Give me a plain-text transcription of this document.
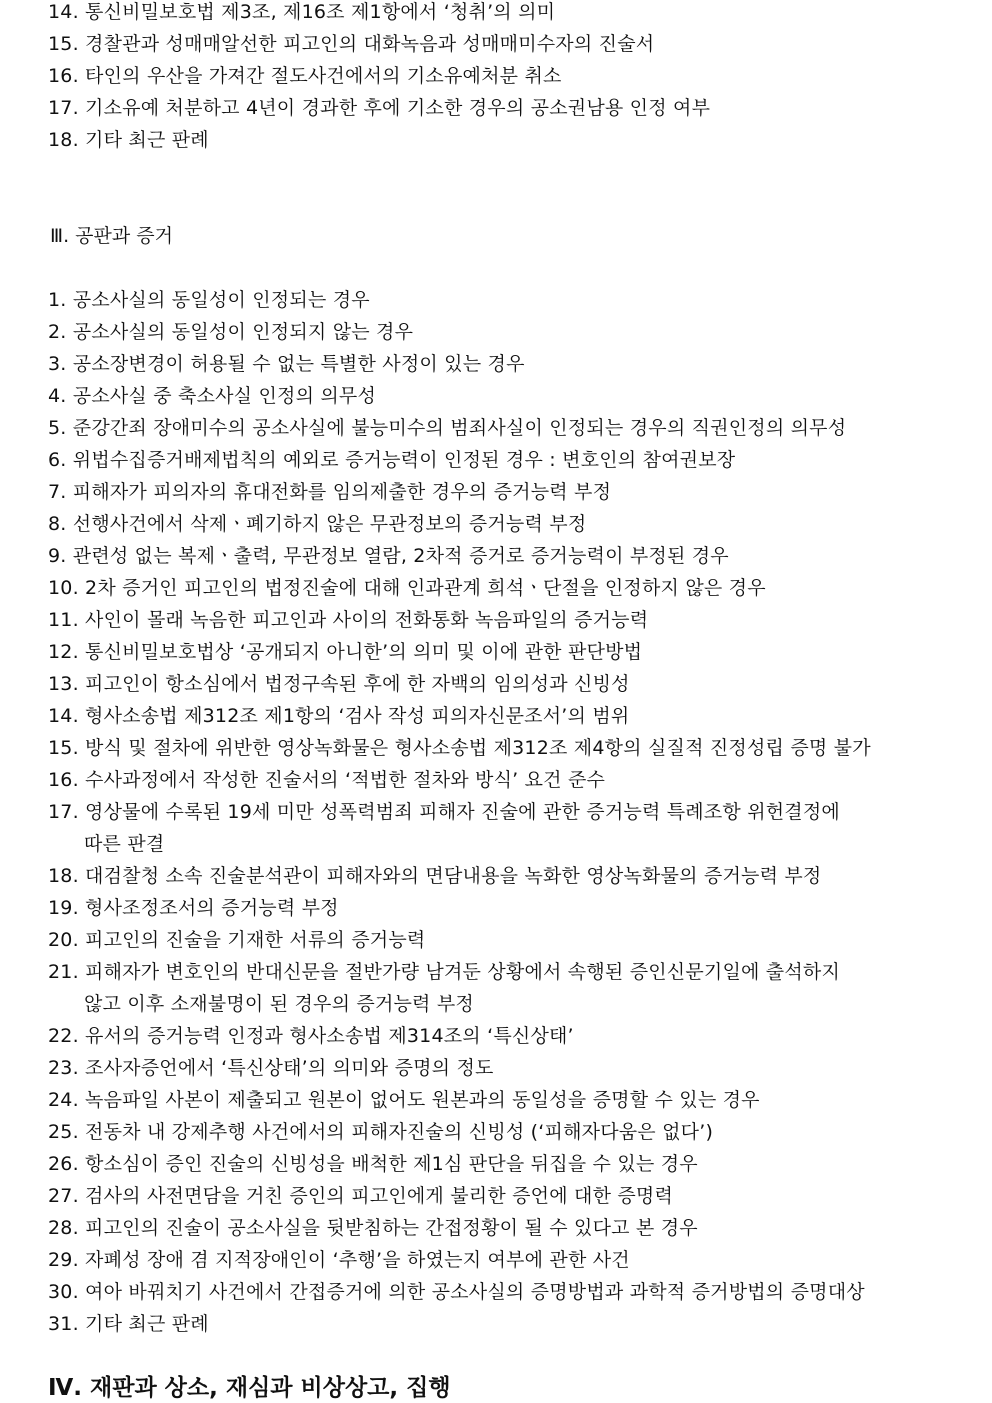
14. 통신비밀보호법 제3조, 제16조 제1항에서 ‘청취’의 의미
15. 경찰관과 성매매알선한 피고인의 대화녹음과 성매매미수자의 진술서
16. 타인의 우산을 가져간 절도사건에서의 기소유예처분 취소
17. 기소유예 처분하고 4년이 경과한 후에 기소한 경우의 공소권남용 인정 여부
18. 기타 최근 판례
Ⅲ. 공판과 증거
1. 공소사실의 동일성이 인정되는 경우
2. 공소사실의 동일성이 인정되지 않는 경우
3. 공소장변경이 허용될 수 없는 특별한 사정이 있는 경우
4. 공소사실 중 축소사실 인정의 의무성
5. 준강간죄 장애미수의 공소사실에 불능미수의 범죄사실이 인정되는 경우의 직권인정의 의무성
6. 위법수집증거배제법칙의 예외로 증거능력이 인정된 경우 : 변호인의 참여권보장
7. 피해자가 피의자의 휴대전화를 임의제출한 경우의 증거능력 부정
8. 선행사건에서 삭제ㆍ폐기하지 않은 무관정보의 증거능력 부정
9. 관련성 없는 복제ㆍ출력, 무관정보 열람, 2차적 증거로 증거능력이 부정된 경우
10. 2차 증거인 피고인의 법정진술에 대해 인과관계 희석ㆍ단절을 인정하지 않은 경우
11. 사인이 몰래 녹음한 피고인과 사이의 전화통화 녹음파일의 증거능력
12. 통신비밀보호법상 ‘공개되지 아니한’의 의미 및 이에 관한 판단방법
13. 피고인이 항소심에서 법정구속된 후에 한 자백의 임의성과 신빙성
14. 형사소송법 제312조 제1항의 ‘검사 작성 피의자신문조서’의 범위
15. 방식 및 절차에 위반한 영상녹화물은 형사소송법 제312조 제4항의 실질적 진정성립 증명 불가
16. 수사과정에서 작성한 진술서의 ‘적법한 절차와 방식’ 요건 준수
17. 영상물에 수록된 19세 미만 성폭력범죄 피해자 진술에 관한 증거능력 특례조항 위헌결정에
따른 판결
18. 대검찰청 소속 진술분석관이 피해자와의 면담내용을 녹화한 영상녹화물의 증거능력 부정
19. 형사조정조서의 증거능력 부정
20. 피고인의 진술을 기재한 서류의 증거능력
21. 피해자가 변호인의 반대신문을 절반가량 남겨둔 상황에서 속행된 증인신문기일에 출석하지
않고 이후 소재불명이 된 경우의 증거능력 부정
22. 유서의 증거능력 인정과 형사소송법 제314조의 ‘특신상태’
23. 조사자증언에서 ‘특신상태’의 의미와 증명의 정도
24. 녹음파일 사본이 제출되고 원본이 없어도 원본과의 동일성을 증명할 수 있는 경우
25. 전동차 내 강제추행 사건에서의 피해자진술의 신빙성 (‘피해자다움은 없다’)
26. 항소심이 증인 진술의 신빙성을 배척한 제1심 판단을 뒤집을 수 있는 경우
27. 검사의 사전면담을 거친 증인의 피고인에게 불리한 증언에 대한 증명력
28. 피고인의 진술이 공소사실을 뒷받침하는 간접정황이 될 수 있다고 본 경우
29. 자폐성 장애 겸 지적장애인이 ‘추행’을 하였는지 여부에 관한 사건
30. 여아 바꿔치기 사건에서 간접증거에 의한 공소사실의 증명방법과 과학적 증거방법의 증명대상
31. 기타 최근 판례
Ⅳ. 재판과 상소, 재심과 비상상고, 집행
